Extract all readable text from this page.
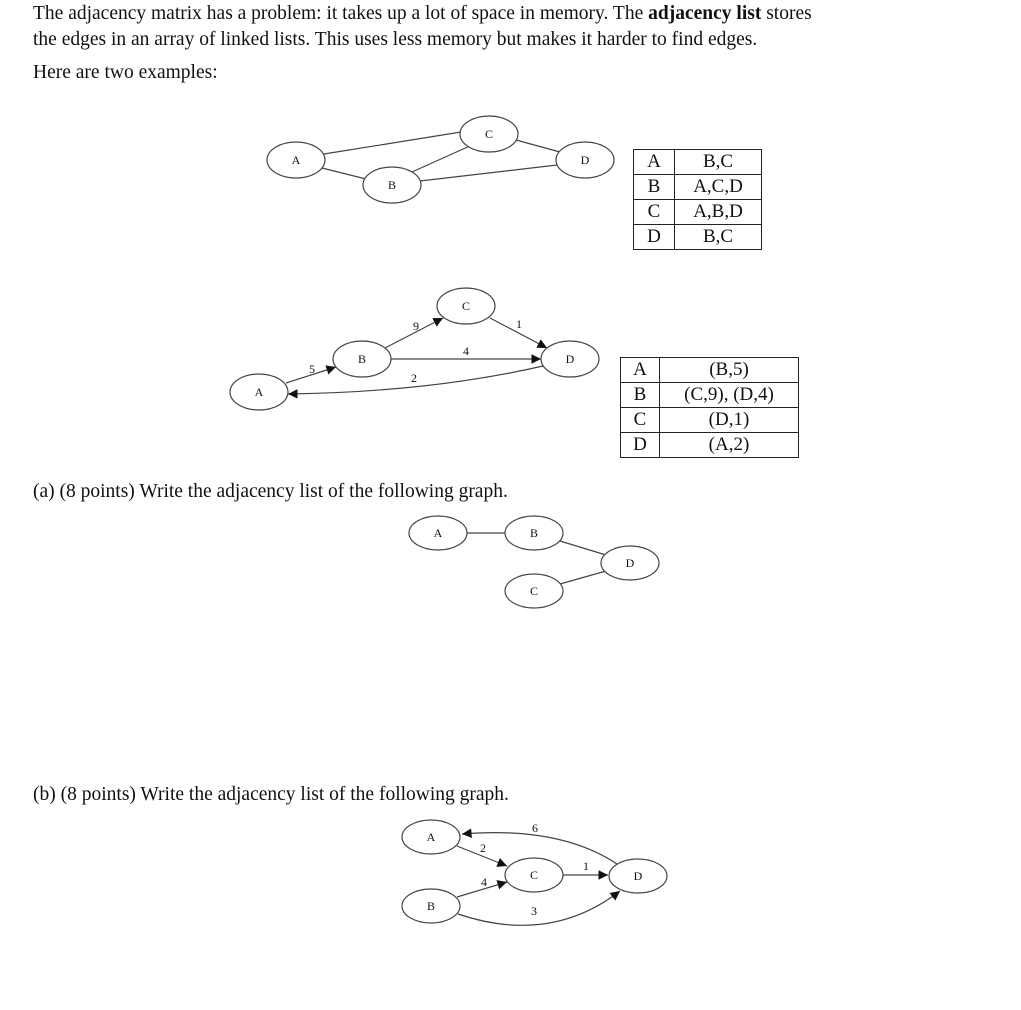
The adjacency matrix has a problem: it takes up a lot of space in memory. The adjacency list stores
the edges in an array of linked lists. This uses less memory but makes it harder to find edges.
Here are two examples:
(a) (8 points) Write the adjacency list of the following graph.
(b) (8 points) Write the adjacency list of the following graph.
A
B
C
D
A
B
C
D
5
9	1
4
2
A	B
C
D
A
B
C	D
6
2
4
1
3
A	B,C
B	A,C,D
C	A,B,D
D	B,C
A	(B,5)
B	(C,9), (D,4)
C	(D,1)
D	(A,2)
